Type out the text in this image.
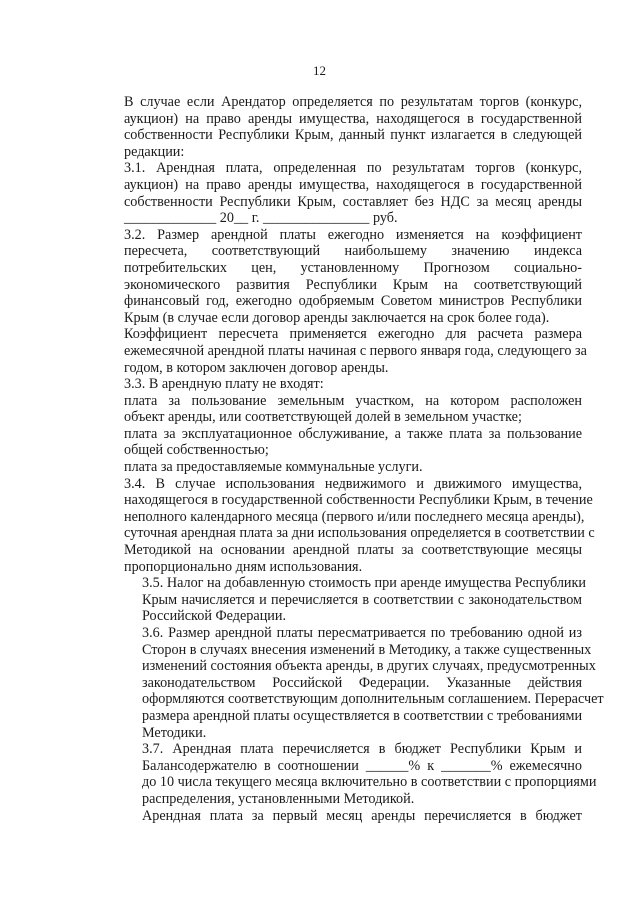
12

В случае если Арендатор определяется по результатам торгов (конкурс,
аукцион) на право аренды имущества, находящегося в государственной
собственности Республики Крым, данный пункт излагается в следующей
редакции:

3.1. Арендная плата, определенная по результатам торгов (конкурс,
аукцион) на право аренды имущества, находящегося в государственной
собственности Республики Крым, составляет без НДС за месяц аренды
_____________ 20__ г. _______________ руб.

3.2. Размер арендной платы ежегодно изменяется на коэффициент
пересчета, соответствующий наибольшему значению индекса
потребительских цен, установленному Прогнозом социально-
экономического развития Республики Крым на соответствующий
финансовый год, ежегодно одобряемым Советом министров Республики
Крым (в случае если договор аренды заключается на срок более года).

Коэффициент пересчета применяется ежегодно для расчета размера
ежемесячной арендной платы начиная с первого января года, следующего за
годом, в котором заключен договор аренды.

3.3. В арендную плату не входят:

плата за пользование земельным участком, на котором расположен
объект аренды, или соответствующей долей в земельном участке;

плата за эксплуатационное обслуживание, а также плата за пользование
общей собственностью;

плата за предоставляемые коммунальные услуги.

3.4. В случае использования недвижимого и движимого имущества,
находящегося в государственной собственности Республики Крым, в течение
неполного календарного месяца (первого и/или последнего месяца аренды),
суточная арендная плата за дни использования определяется в соответствии с
Методикой на основании арендной платы за соответствующие месяцы
пропорционально дням использования.

3.5. Налог на добавленную стоимость при аренде имущества Республики
Крым начисляется и перечисляется в соответствии с законодательством
Российской Федерации.

3.6. Размер арендной платы пересматривается по требованию одной из
Сторон в случаях внесения изменений в Методику, а также существенных
изменений состояния объекта аренды, в других случаях, предусмотренных
законодательством Российской Федерации. Указанные действия
оформляются соответствующим дополнительным соглашением. Перерасчет
размера арендной платы осуществляется в соответствии с требованиями
Методики.

3.7. Арендная плата перечисляется в бюджет Республики Крым и
Балансодержателю в соотношении ______% к _______% ежемесячно
до 10 числа текущего месяца включительно в соответствии с пропорциями
распределения, установленными Методикой.

Арендная плата за первый месяц аренды перечисляется в бюджет
